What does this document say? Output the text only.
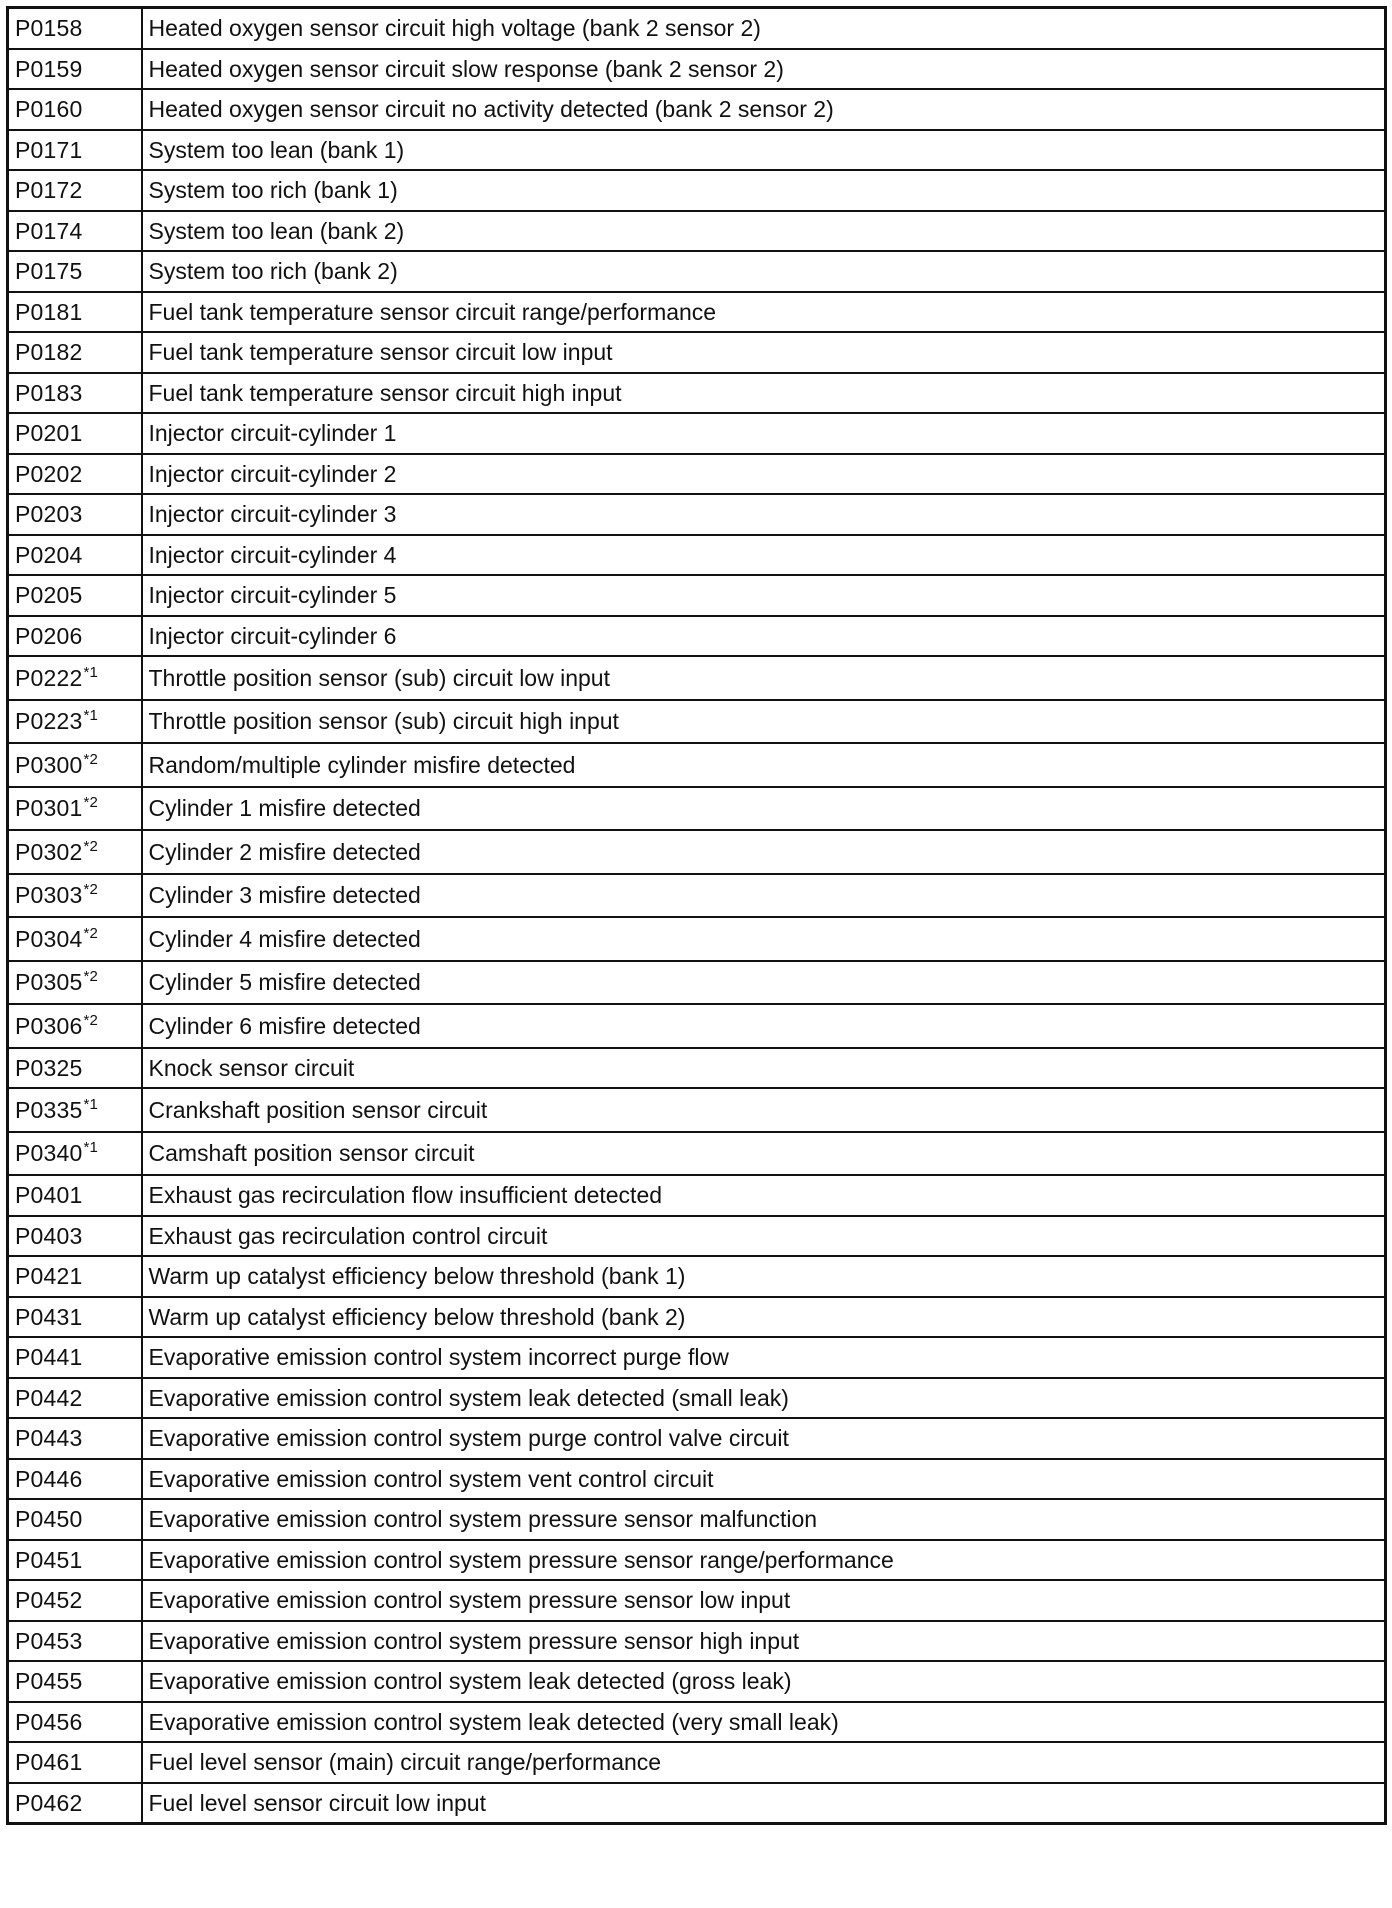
P0158	Heated oxygen sensor circuit high voltage (bank 2 sensor 2)
P0159	Heated oxygen sensor circuit slow response (bank 2 sensor 2)
P0160	Heated oxygen sensor circuit no activity detected (bank 2 sensor 2)
P0171	System too lean (bank 1)
P0172	System too rich (bank 1)
P0174	System too lean (bank 2)
P0175	System too rich (bank 2)
P0181	Fuel tank temperature sensor circuit range/performance
P0182	Fuel tank temperature sensor circuit low input
P0183	Fuel tank temperature sensor circuit high input
P0201	Injector circuit-cylinder 1
P0202	Injector circuit-cylinder 2
P0203	Injector circuit-cylinder 3
P0204	Injector circuit-cylinder 4
P0205	Injector circuit-cylinder 5
P0206	Injector circuit-cylinder 6
P0222$^{*1}$	Throttle position sensor (sub) circuit low input
P0223$^{*1}$	Throttle position sensor (sub) circuit high input
P0300$^{*2}$	Random/multiple cylinder misfire detected
P0301$^{*2}$	Cylinder 1 misfire detected
P0302$^{*2}$	Cylinder 2 misfire detected
P0303$^{*2}$	Cylinder 3 misfire detected
P0304$^{*2}$	Cylinder 4 misfire detected
P0305$^{*2}$	Cylinder 5 misfire detected
P0306$^{*2}$	Cylinder 6 misfire detected
P0325	Knock sensor circuit
P0335$^{*1}$	Crankshaft position sensor circuit
P0340$^{*1}$	Camshaft position sensor circuit
P0401	Exhaust gas recirculation flow insufficient detected
P0403	Exhaust gas recirculation control circuit
P0421	Warm up catalyst efficiency below threshold (bank 1)
P0431	Warm up catalyst efficiency below threshold (bank 2)
P0441	Evaporative emission control system incorrect purge flow
P0442	Evaporative emission control system leak detected (small leak)
P0443	Evaporative emission control system purge control valve circuit
P0446	Evaporative emission control system vent control circuit
P0450	Evaporative emission control system pressure sensor malfunction
P0451	Evaporative emission control system pressure sensor range/performance
P0452	Evaporative emission control system pressure sensor low input
P0453	Evaporative emission control system pressure sensor high input
P0455	Evaporative emission control system leak detected (gross leak)
P0456	Evaporative emission control system leak detected (very small leak)
P0461	Fuel level sensor (main) circuit range/performance
P0462	Fuel level sensor circuit low input
